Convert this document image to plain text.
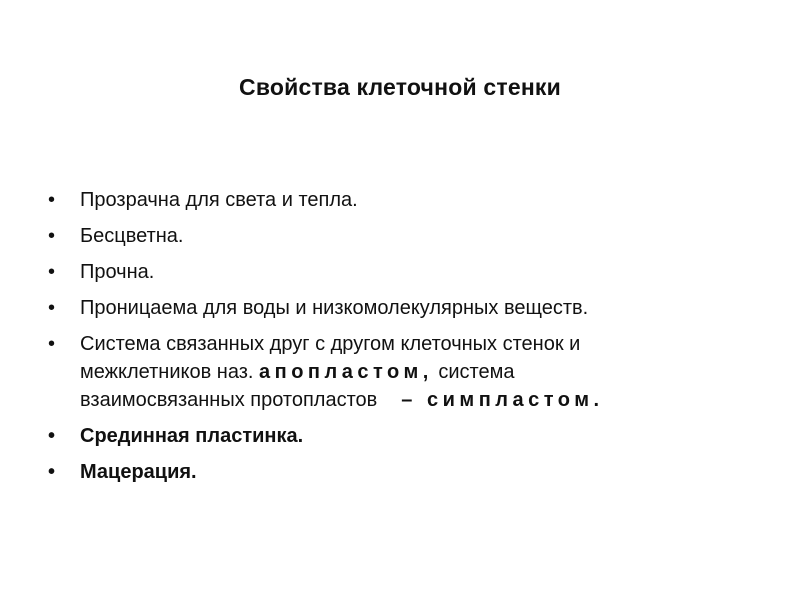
Свойства клеточной стенки
•	Прозрачна для света и тепла.
•	Бесцветна.
•	Прочна.
•	Проницаема для воды и низкомолекулярных веществ.
•	Система связанных друг с другом клеточных стенок и
межклетников наз. апопластом, система
взаимосвязанных протопластов – симпластом.
•	Срединная пластинка.
•	Мацерация.
